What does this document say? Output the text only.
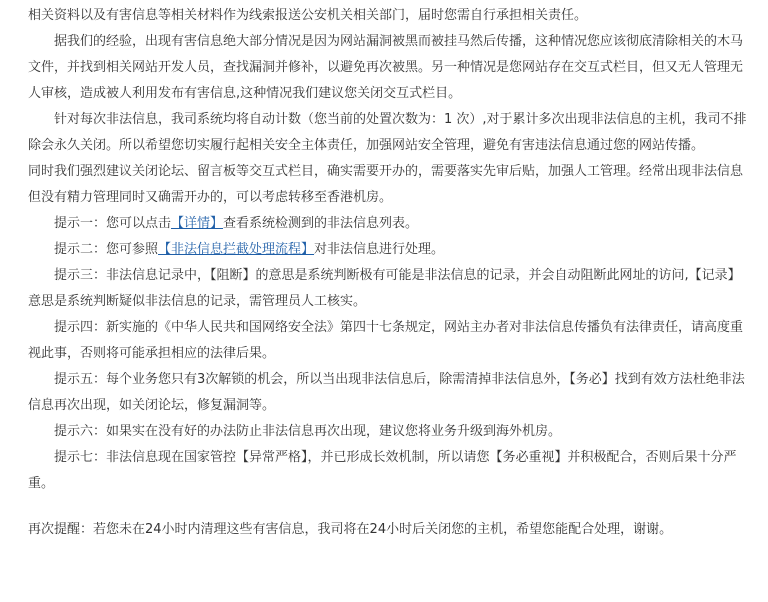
相关资料以及有害信息等相关材料作为线索报送公安机关相关部门，届时您需自行承担相关责任。

据我们的经验，出现有害信息绝大部分情况是因为网站漏洞被黑而被挂马然后传播，这种情况您应该彻底清除相关的木马文件，并找到相关网站开发人员，查找漏洞并修补，以避免再次被黑。另一种情况是您网站存在交互式栏目，但又无人管理无人审核，造成被人利用发布有害信息,这种情况我们建议您关闭交互式栏目。

针对每次非法信息，我司系统均将自动计数（您当前的处置次数为：1 次）,对于累计多次出现非法信息的主机，我司不排除会永久关闭。所以希望您切实履行起相关安全主体责任，加强网站安全管理，避免有害违法信息通过您的网站传播。

同时我们强烈建议关闭论坛、留言板等交互式栏目，确实需要开办的，需要落实先审后贴，加强人工管理。经常出现非法信息但没有精力管理同时又确需开办的，可以考虑转移至香港机房。

提示一：您可以点击【详情】查看系统检测到的非法信息列表。

提示二：您可参照【非法信息拦截处理流程】对非法信息进行处理。

提示三：非法信息记录中，【阻断】的意思是系统判断极有可能是非法信息的记录，并会自动阻断此网址的访问,【记录】意思是系统判断疑似非法信息的记录，需管理员人工核实。

提示四：新实施的《中华人民共和国网络安全法》第四十七条规定，网站主办者对非法信息传播负有法律责任，请高度重视此事，否则将可能承担相应的法律后果。

提示五：每个业务您只有3次解锁的机会，所以当出现非法信息后，除需清掉非法信息外，【务必】找到有效方法杜绝非法信息再次出现，如关闭论坛，修复漏洞等。

提示六：如果实在没有好的办法防止非法信息再次出现，建议您将业务升级到海外机房。

提示七：非法信息现在国家管控【异常严格】，并已形成长效机制，所以请您【务必重视】并积极配合，否则后果十分严重。

再次提醒：若您未在24小时内清理这些有害信息，我司将在24小时后关闭您的主机，希望您能配合处理，谢谢。
